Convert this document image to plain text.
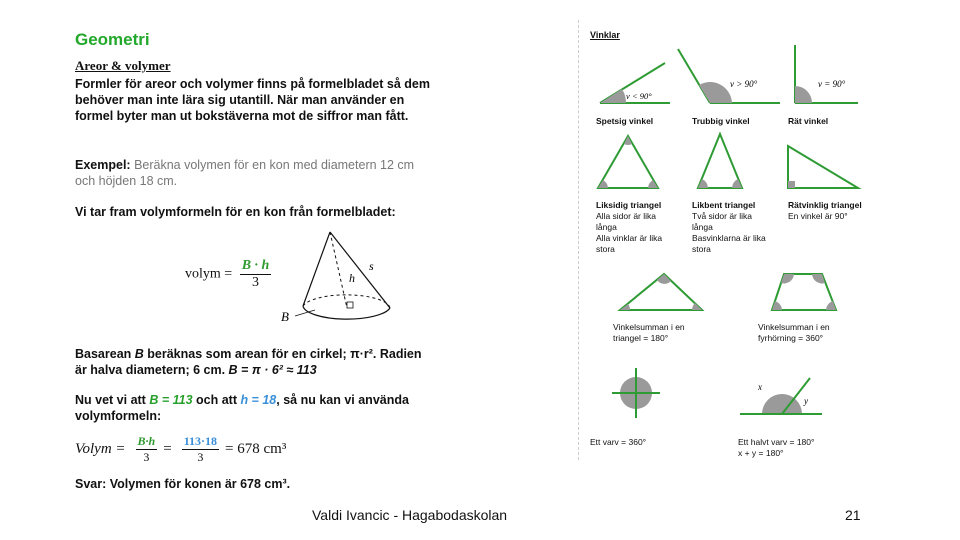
Geometri
Areor & volymer
Formler för areor och volymer finns på formelbladet så dem behöver man inte lära sig utantill. När man använder en formel byter man ut bokstäverna mot de siffror man fått.
Exempel: Beräkna volymen för en kon med diametern 12 cm och höjden 18 cm.
Vi tar fram volymformeln för en kon från formelbladet:
volym = $\frac{B \cdot h}{3}$	s
h
B
Basarean B beräknas som arean för en cirkel; π·r². Radien är halva diametern; 6 cm. B = π · 6² ≈ 113
Nu vet vi att B = 113 och att h = 18, så nu kan vi använda volymformeln:
Volym = $\frac{B\cdot h}{3} = \frac{113\cdot 18}{3} = 678$ cm³
Svar: Volymen för konen är 678 cm³.
Vinklar
v < 90°
v > 90°	v = 90°
Spetsig vinkel	Trubbig vinkel	Rät vinkel
Liksidig triangel
Alla sidor är lika
långa
Alla vinklar är lika
stora
Likbent triangel
Två sidor är lika
långa
Basvinklarna är lika
stora
Rätvinklig triangel
En vinkel är 90°
Vinkelsumman i en
triangel = 180°
Vinkelsumman i en
fyrhörning = 360°
x
y
Ett varv = 360°	Ett halvt varv = 180°
x + y = 180°
Valdi Ivancic - Hagabodaskolan	21
